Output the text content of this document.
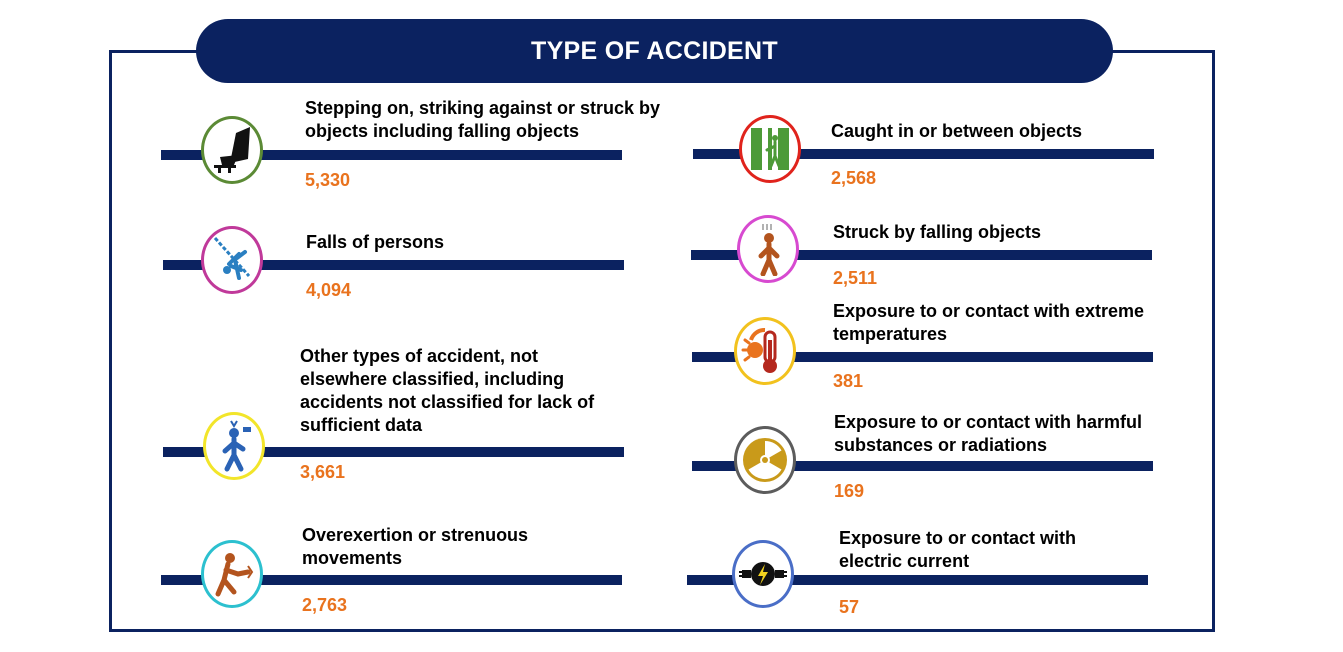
TYPE OF ACCIDENT
Stepping on, striking against or struck by objects including falling objects
5,330
Falls of persons
4,094
Other types of accident, not elsewhere classified, including accidents not classified for lack of sufficient data
3,661
Overexertion or strenuous movements
2,763
Caught in or between objects
2,568
Struck by falling objects
2,511
Exposure to or contact with extreme temperatures
381
Exposure to or contact with harmful substances or radiations
169
Exposure to or contact with electric current
57
